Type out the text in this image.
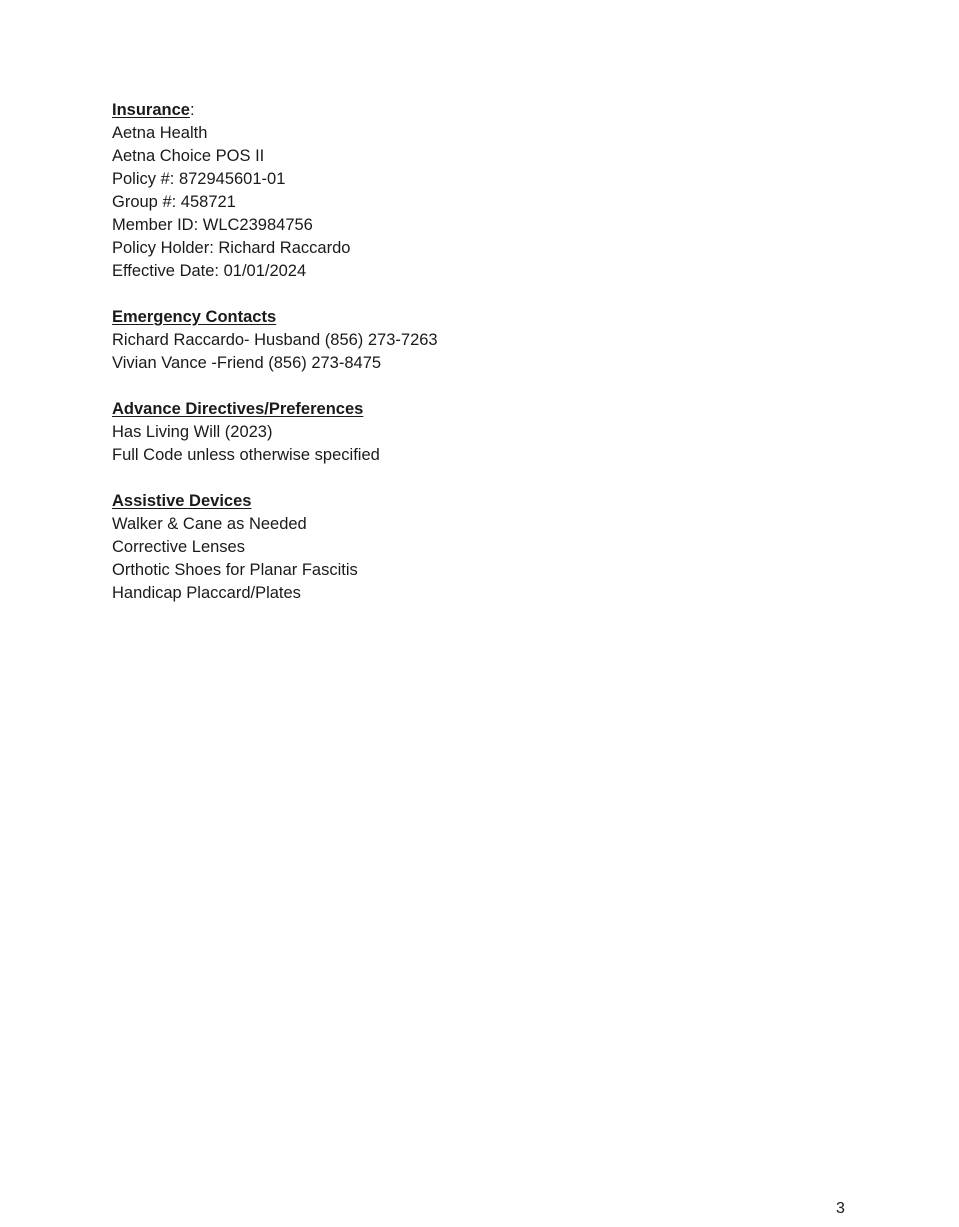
Insurance:
Aetna Health
Aetna Choice POS II
Policy #: 872945601-01
Group #: 458721
Member ID: WLC23984756
Policy Holder: Richard Raccardo
Effective Date: 01/01/2024
Emergency Contacts
Richard Raccardo- Husband (856) 273-7263
Vivian Vance -Friend (856) 273-8475
Advance Directives/Preferences
Has Living Will (2023)
Full Code unless otherwise specified
Assistive Devices
Walker & Cane as Needed
Corrective Lenses
Orthotic Shoes for Planar Fascitis
Handicap Placcard/Plates
3
